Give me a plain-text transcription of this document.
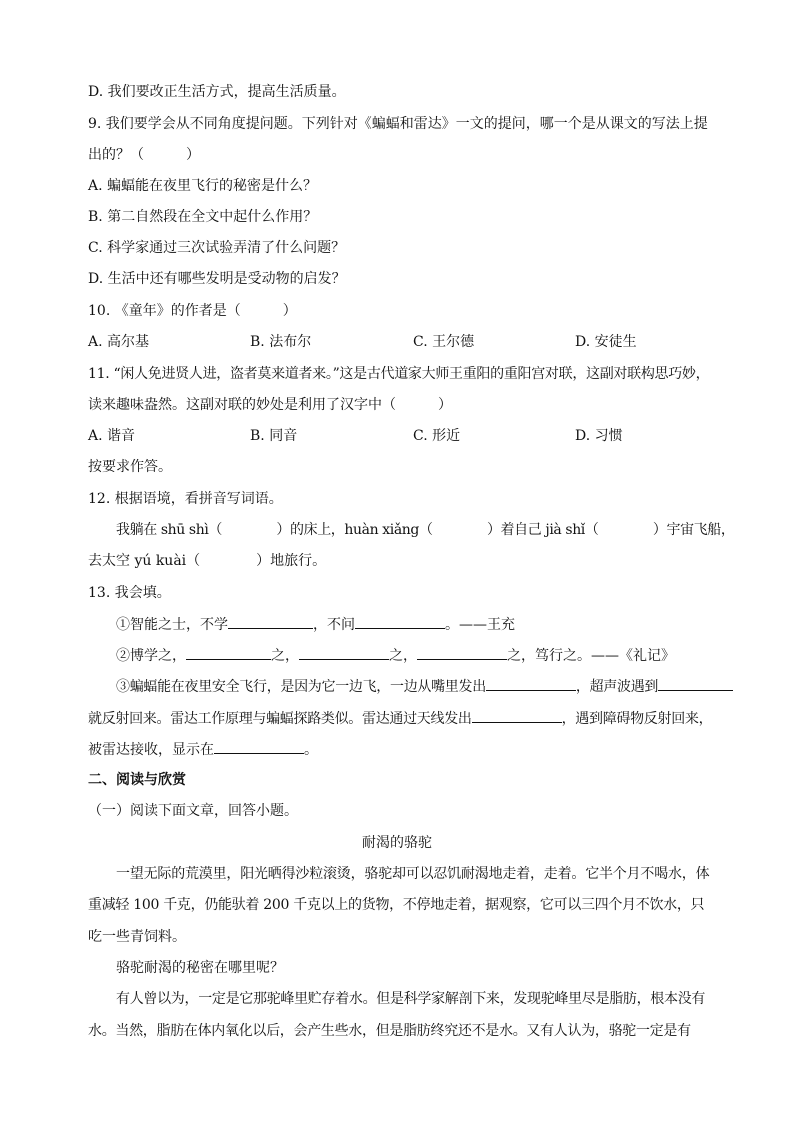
D. 我们要改正生活方式，提高生活质量。
9. 我们要学会从不同角度提问题。下列针对《蝙蝠和雷达》一文的提问，哪一个是从课文的写法上提
出的？（　　　）
A. 蝙蝠能在夜里飞行的秘密是什么？
B. 第二自然段在全文中起什么作用？
C. 科学家通过三次试验弄清了什么问题？
D. 生活中还有哪些发明是受动物的启发？
10. 《童年》的作者是（　　　）
A. 高尔基	B. 法布尔	C. 王尔德	D. 安徒生
11. “闲人免进贤人进，盗者莫来道者来。”这是古代道家大师王重阳的重阳宫对联，这副对联构思巧妙，
读来趣味盎然。这副对联的妙处是利用了汉字中（　　　）
A. 谐音	B. 同音	C. 形近	D. 习惯
按要求作答。
12. 根据语境，看拼音写词语。
我躺在 shū shì（　　　　）的床上，huàn xiǎng（　　　　）着自己 jià shǐ（　　　　）宇宙飞船，
去太空 yú kuài（　　　　）地旅行。
13. 我会填。
①智能之士，不学	，不问	。——王充
②博学之，	之，	之，	之，笃行之。——《礼记》
③蝙蝠能在夜里安全飞行，是因为它一边飞，一边从嘴里发出	，超声波遇到
就反射回来。雷达工作原理与蝙蝠探路类似。雷达通过天线发出	，遇到障碍物反射回来，
被雷达接收，显示在	。
二、阅读与欣赏
（一）阅读下面文章，回答小题。
耐渴的骆驼
一望无际的荒漠里，阳光晒得沙粒滚烫，骆驼却可以忍饥耐渴地走着，走着。它半个月不喝水，体
重减轻 100 千克，仍能驮着 200 千克以上的货物，不停地走着，据观察，它可以三四个月不饮水，只
吃一些青饲料。
骆驼耐渴的秘密在哪里呢？
有人曾以为，一定是它那驼峰里贮存着水。但是科学家解剖下来，发现驼峰里尽是脂肪，根本没有
水。当然，脂肪在体内氧化以后，会产生些水，但是脂肪终究还不是水。又有人认为，骆驼一定是有
